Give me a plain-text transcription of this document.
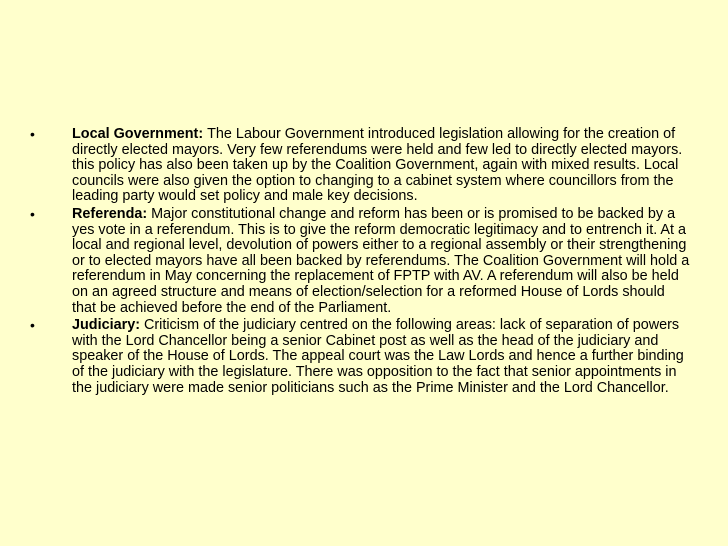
•	Local Government: The Labour Government introduced legislation allowing for the creation of directly elected mayors. Very few referendums were held and few led to directly elected mayors. this policy has also been taken up by the Coalition Government, again with mixed results. Local councils were also given the option to changing to a cabinet system where councillors from the leading party would set policy and male key decisions.
•	Referenda: Major constitutional change and reform has been or is promised to be backed by a yes vote in a referendum. This is to give the reform democratic legitimacy and to entrench it. At a local and regional level, devolution of powers either to a regional assembly or their strengthening or to elected mayors have all been backed by referendums. The Coalition Government will hold a referendum in May concerning the replacement of FPTP with AV. A referendum will also be held on an agreed structure and means of election/selection for a reformed House of Lords should that be achieved before the end of the Parliament.
•	Judiciary: Criticism of the judiciary centred on the following areas: lack of separation of powers with the Lord Chancellor being a senior Cabinet post as well as the head of the judiciary and speaker of the House of Lords. The appeal court was the Law Lords and hence a further binding of the judiciary with the legislature. There was opposition to the fact that senior appointments in the judiciary were made senior politicians such as the Prime Minister and the Lord Chancellor.
